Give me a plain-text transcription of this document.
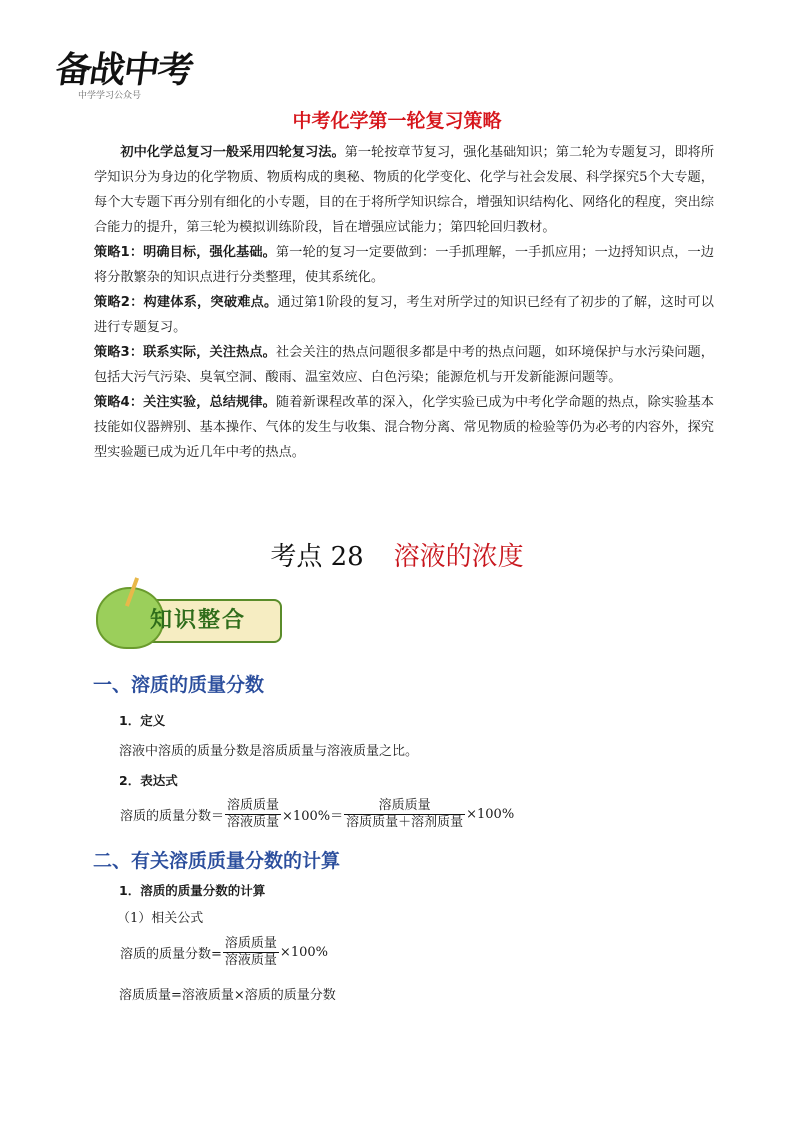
备战中考
中学学习公众号
中考化学第一轮复习策略

初中化学总复习一般采用四轮复习法。第一轮按章节复习，强化基础知识；第二轮为专题复习，即将所学知识分为身边的化学物质、物质构成的奥秘、物质的化学变化、化学与社会发展、科学探究5个大专题，每个大专题下再分别有细化的小专题，目的在于将所学知识综合，增强知识结构化、网络化的程度，突出综合能力的提升，第三轮为模拟训练阶段，旨在增强应试能力；第四轮回归教材。

策略1：明确目标，强化基础。第一轮的复习一定要做到：一手抓理解，一手抓应用；一边捋知识点，一边将分散繁杂的知识点进行分类整理，使其系统化。

策略2：构建体系，突破难点。通过第1阶段的复习，考生对所学过的知识已经有了初步的了解，这时可以进行专题复习。

策略3：联系实际，关注热点。社会关注的热点问题很多都是中考的热点问题，如环境保护与水污染问题，包括大污气污染、臭氧空洞、酸雨、温室效应、白色污染；能源危机与开发新能源问题等。

策略4：关注实验，总结规律。随着新课程改革的深入，化学实验已成为中考化学命题的热点，除实验基本技能如仪器辨别、基本操作、气体的发生与收集、混合物分离、常见物质的检验等仍为必考的内容外，探究型实验题已成为近几年中考的热点。

考点 28 溶液的浓度
知识整合
一、溶质的质量分数
1．定义
溶液中溶质的质量分数是溶质质量与溶液质量之比。
2．表达式
溶质的质量分数＝ $\frac{\text{溶质质量}}{\text{溶液质量}} \times 100\%= \frac{\text{溶质质量}}{\text{溶质质量＋溶剂质量}} \times 100\%$
二、有关溶质质量分数的计算
1．溶质的质量分数的计算
（1）相关公式
溶质的质量分数= $\frac{\text{溶质质量}}{\text{溶液质量}} \times 100\%$
溶质质量=溶液质量×溶质的质量分数
